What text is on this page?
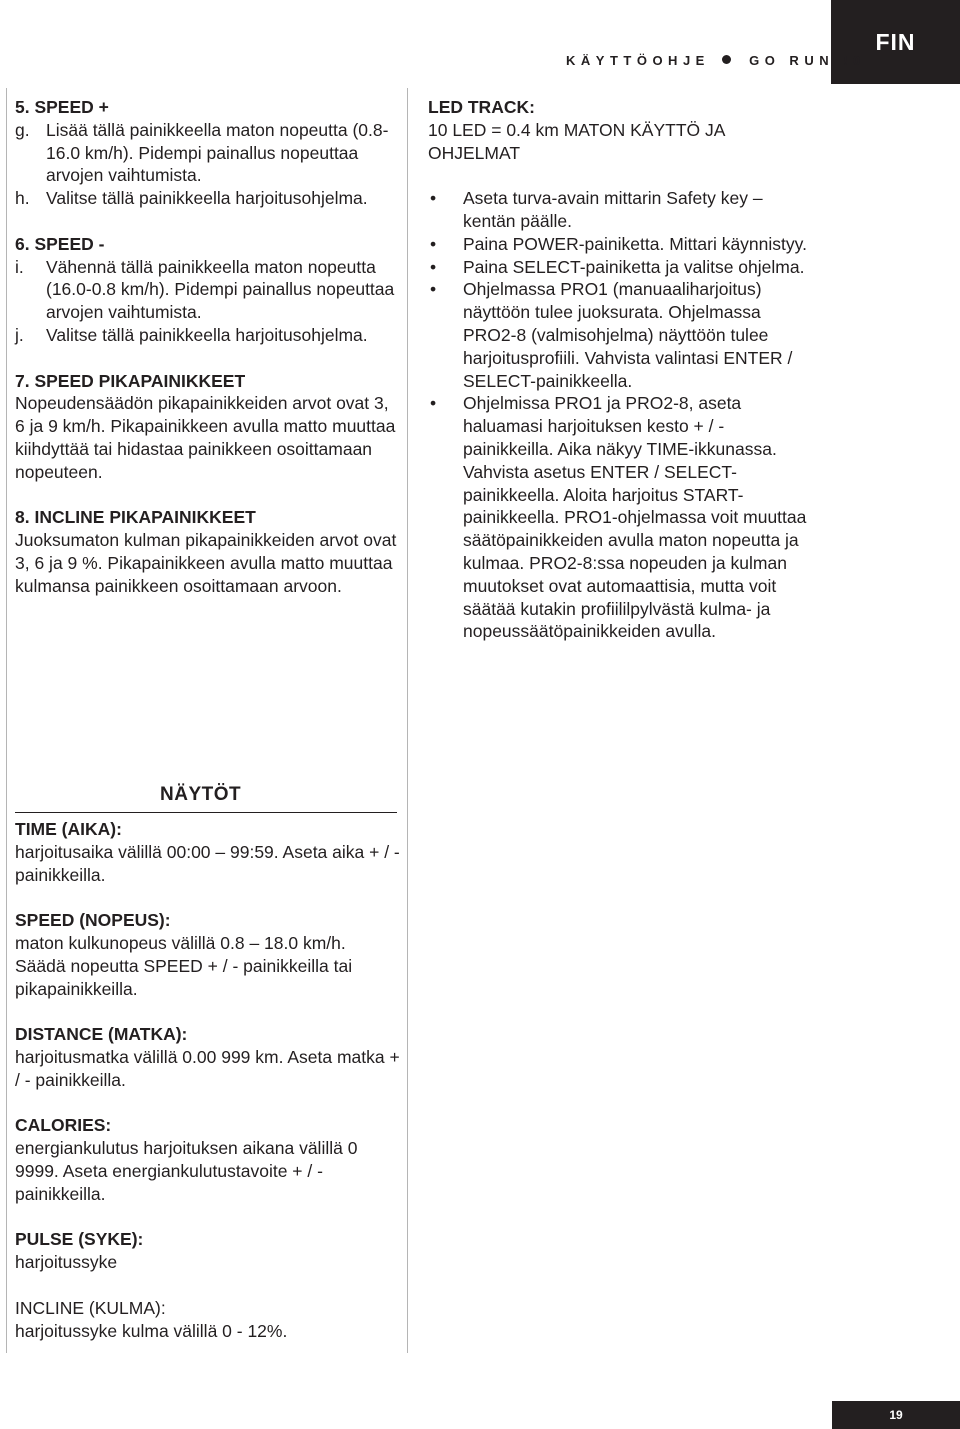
FIN
KÄYTTÖOHJE	GO RUN !0

5. SPEED +

g. Lisää tällä painikkeella maton nopeutta (0.8-16.0 km/h). Pidempi painallus nopeuttaa arvojen vaihtumista.
h. Valitse tällä painikkeella harjoitusohjelma.

6. SPEED -

i.	Vähennä tällä painikkeella maton nopeutta (16.0-0.8 km/h). Pidempi painallus nopeuttaa arvojen vaihtumista.
j.	Valitse tällä painikkeella harjoitusohjelma.

7. SPEED PIKAPAINIKKEET

Nopeudensäädön pikapainikkeiden arvot ovat 3, 6 ja 9 km/h. Pikapainikkeen avulla matto muuttaa kiihdyttää tai hidastaa painikkeen osoittamaan nopeuteen.

8. INCLINE PIKAPAINIKKEET

Juoksumaton kulman pikapainikkeiden arvot ovat 3, 6 ja 9 %. Pikapainikkeen avulla matto muuttaa kulmansa painikkeen osoittamaan arvoon.

NÄYTÖT

TIME (AIKA):

harjoitusaika välillä 00:00 – 99:59. Aseta aika + / - painikkeilla.

SPEED (NOPEUS):

maton kulkunopeus välillä 0.8 – 18.0 km/h. Säädä nopeutta SPEED + / - painikkeilla tai pikapainikkeilla.

DISTANCE (MATKA):

harjoitusmatka välillä 0.00 999 km. Aseta matka + / - painikkeilla.

CALORIES:

energiankulutus harjoituksen aikana välillä 0 9999. Aseta energiankulutustavoite + / - painikkeilla.

PULSE (SYKE):

harjoitussyke

INCLINE (KULMA):

harjoitussyke kulma välillä 0 - 12%.

LED TRACK:

10 LED = 0.4 km MATON KÄYTTÖ JA OHJELMAT

•	Aseta turva-avain mittarin Safety key –kentän päälle.
•	Paina POWER-painiketta. Mittari käynnistyy.
•	Paina SELECT-painiketta ja valitse ohjelma.
•	Ohjelmassa PRO1 (manuaaliharjoitus) näyttöön tulee juoksurata. Ohjelmassa PRO2-8 (valmisohjelma) näyttöön tulee harjoitusprofiili. Vahvista valintasi ENTER / SELECT-painikkeella.
•	Ohjelmissa PRO1 ja PRO2-8, aseta haluamasi harjoituksen kesto + / - painikkeilla. Aika näkyy TIME-ikkunassa. Vahvista asetus ENTER / SELECT-painikkeella. Aloita harjoitus START-painikkeella. PRO1-ohjelmassa voit muuttaa säätöpainikkeiden avulla maton nopeutta ja kulmaa. PRO2-8:ssa nopeuden ja kulman muutokset ovat automaattisia, mutta voit säätää kutakin profiililpylvästä kulma- ja nopeussäätöpainikkeiden avulla.
19
